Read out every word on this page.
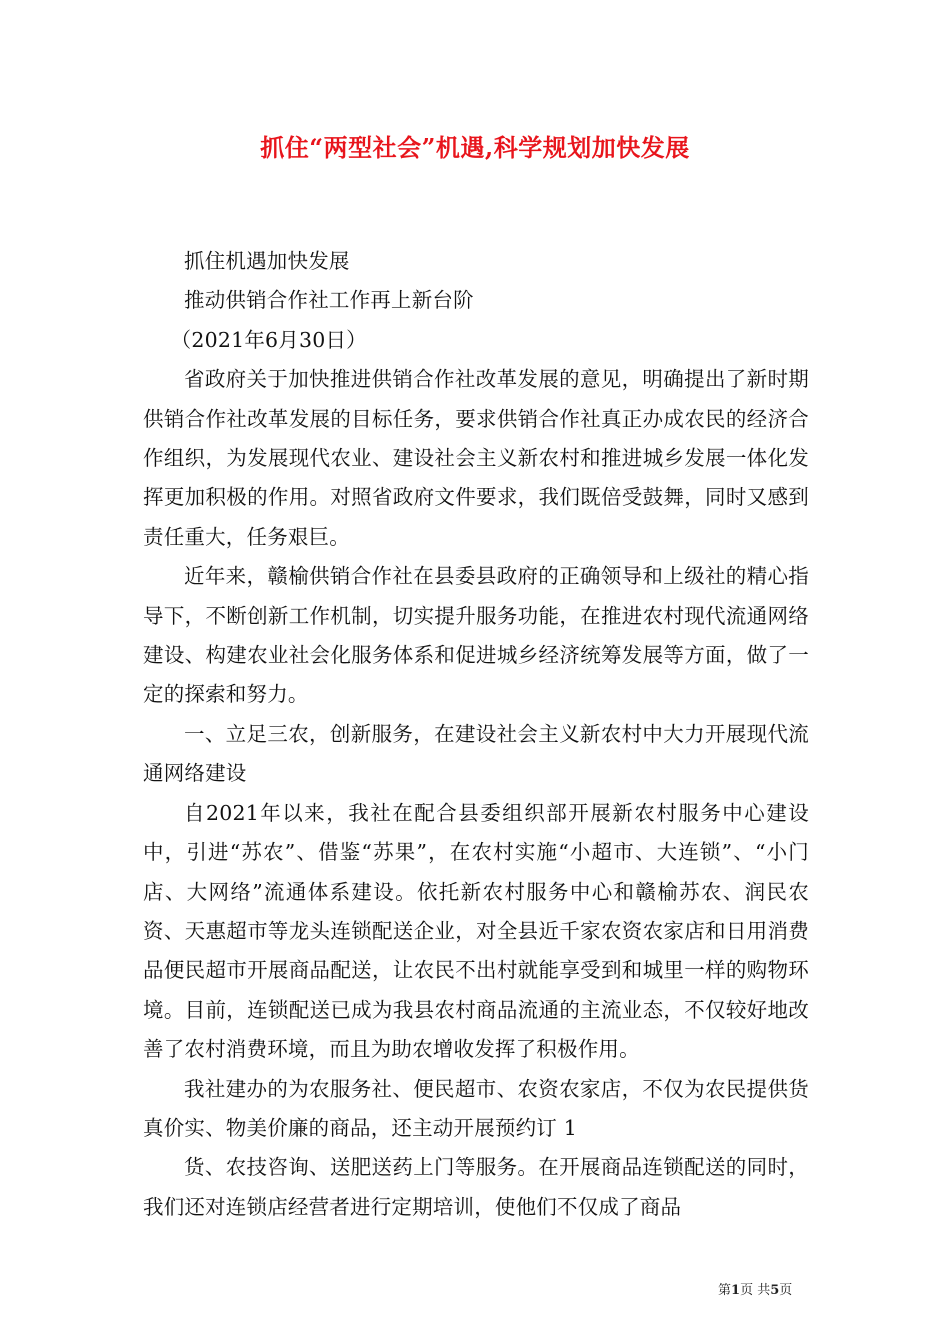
抓住“两型社会”机遇,科学规划加快发展

抓住机遇加快发展

推动供销合作社工作再上新台阶

（2021年6月30日）

省政府关于加快推进供销合作社改革发展的意见，明确提出了新时期供销合作社改革发展的目标任务，要求供销合作社真正办成农民的经济合作组织，为发展现代农业、建设社会主义新农村和推进城乡发展一体化发挥更加积极的作用。对照省政府文件要求，我们既倍受鼓舞，同时又感到责任重大，任务艰巨。

近年来，赣榆供销合作社在县委县政府的正确领导和上级社的精心指导下，不断创新工作机制，切实提升服务功能，在推进农村现代流通网络建设、构建农业社会化服务体系和促进城乡经济统筹发展等方面，做了一定的探索和努力。

一、立足三农，创新服务，在建设社会主义新农村中大力开展现代流通网络建设

自2021年以来，我社在配合县委组织部开展新农村服务中心建设中，引进“苏农”、借鉴“苏果”，在农村实施“小超市、大连锁”、“小门店、大网络”流通体系建设。依托新农村服务中心和赣榆苏农、润民农资、天惠超市等龙头连锁配送企业，对全县近千家农资农家店和日用消费品便民超市开展商品配送，让农民不出村就能享受到和城里一样的购物环境。目前，连锁配送已成为我县农村商品流通的主流业态，不仅较好地改善了农村消费环境，而且为助农增收发挥了积极作用。

我社建办的为农服务社、便民超市、农资农家店，不仅为农民提供货真价实、物美价廉的商品，还主动开展预约订 1

货、农技咨询、送肥送药上门等服务。在开展商品连锁配送的同时，我们还对连锁店经营者进行定期培训，使他们不仅成了商品

第1页 共5页
